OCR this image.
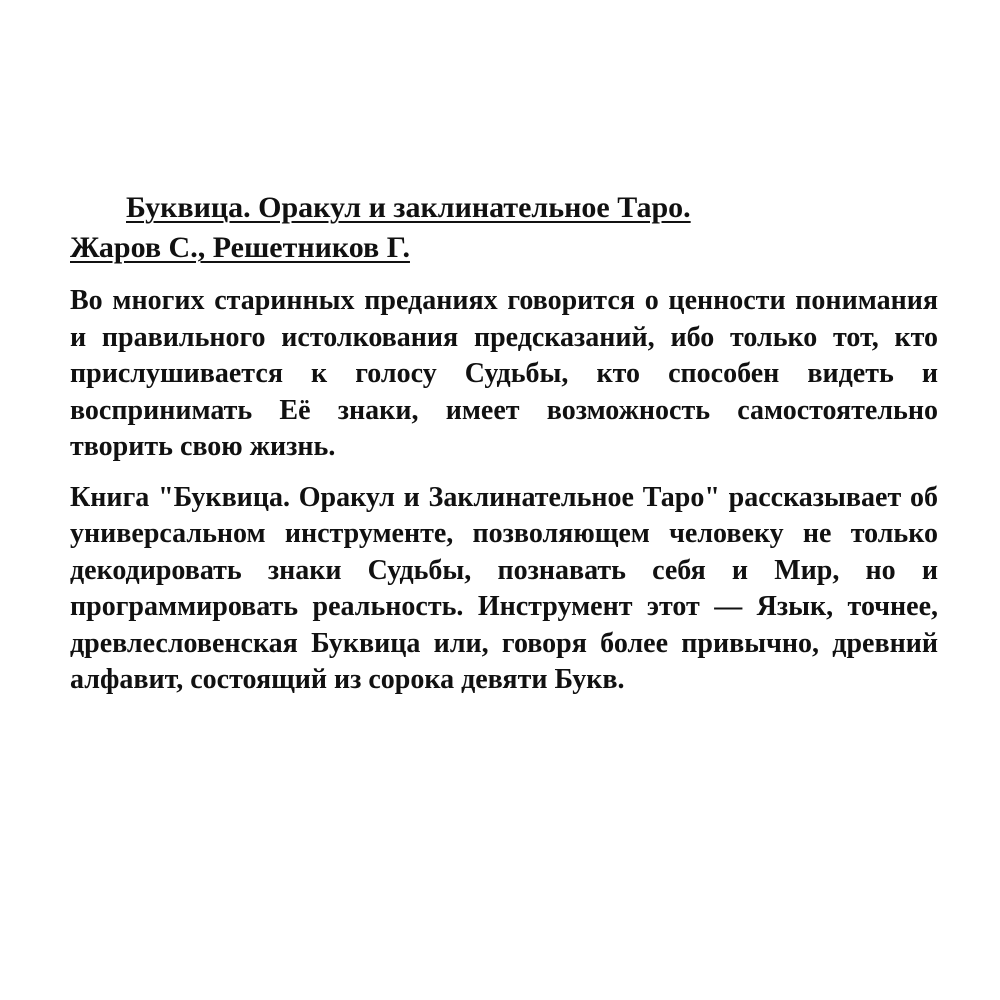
Буквица. Оракул и заклинательное Таро.
Жаров С., Решетников Г.

Во многих старинных преданиях говорится о ценности понимания и правильного истолкования предсказаний, ибо только тот, кто прислушивается к голосу Судьбы, кто способен видеть и воспринимать Её знаки, имеет возможность самостоятельно творить свою жизнь.

Книга "Буквица. Оракул и Заклинательное Таро" рассказывает об универсальном инструменте, позволяющем человеку не только декодировать знаки Судьбы, познавать себя и Мир, но и программировать реальность. Инструмент этот — Язык, точнее, древлесловенская Буквица или, говоря более привычно, древний алфавит, состоящий из сорока девяти Букв.
